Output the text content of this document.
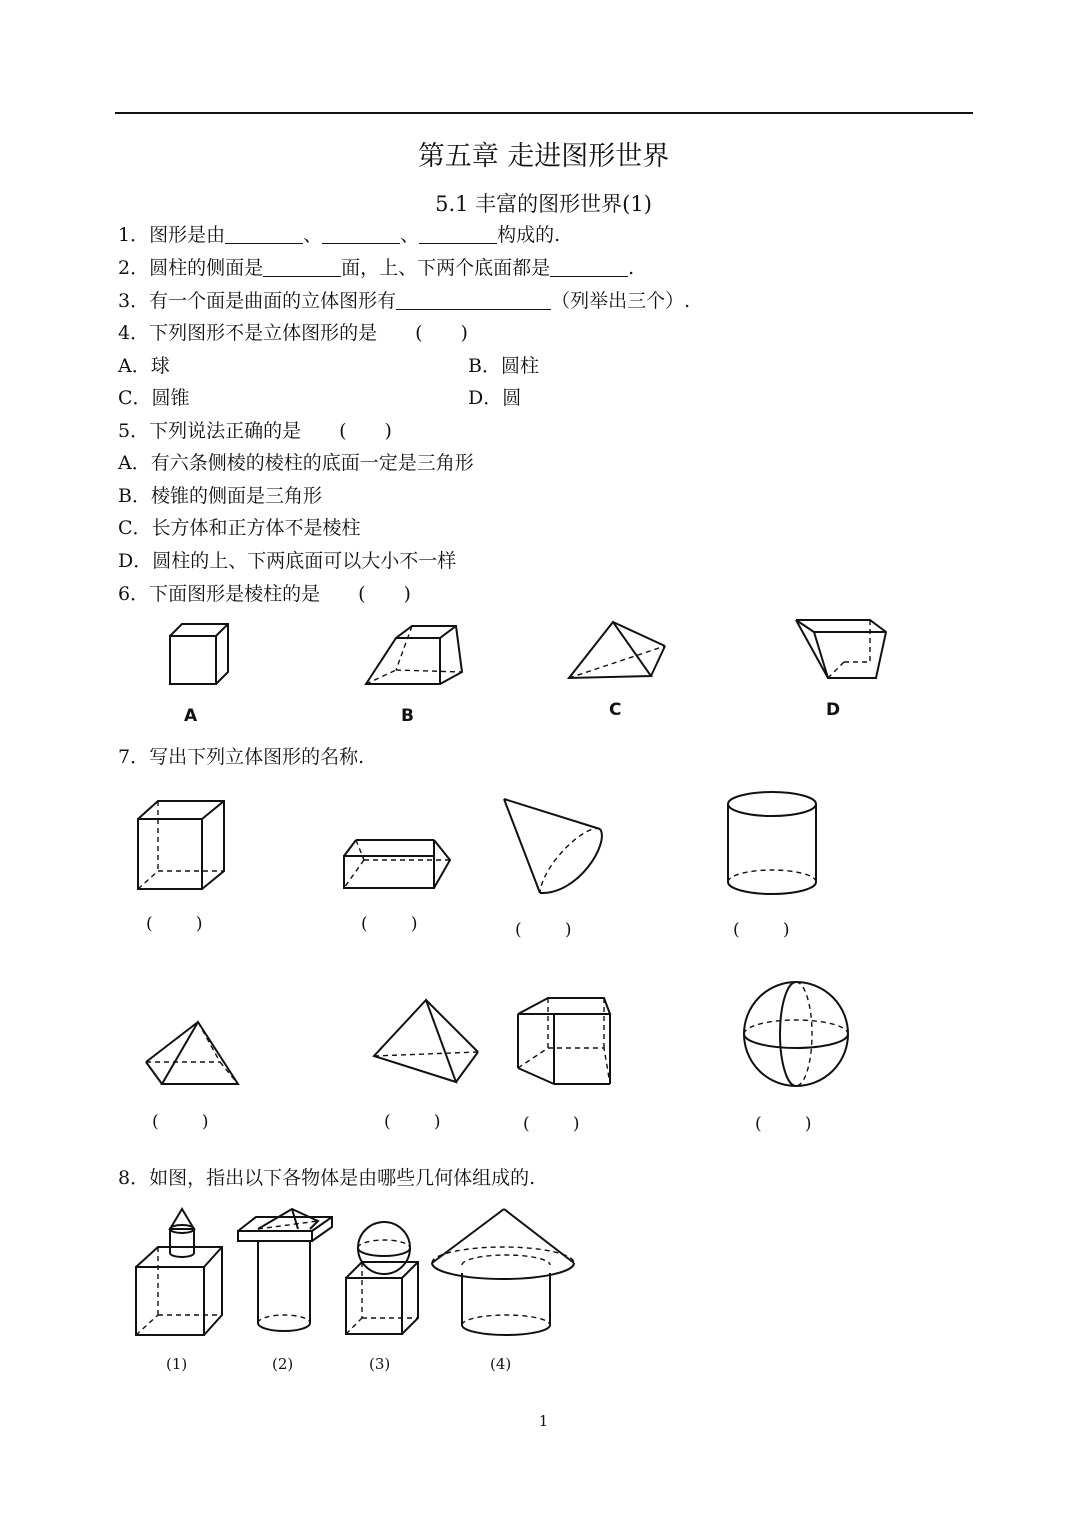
第五章 走进图形世界
5.1 丰富的图形世界(1)
1．图形是由	、	、	构成的.
2．圆柱的侧面是	面，上、下两个底面都是	.
3．有一个面是曲面的立体图形有	（列举出三个）.
4．下列图形不是立体图形的是　　(　　)
A．球	B．圆柱
C．圆锥	D．圆
5．下列说法正确的是　　(　　)
A．有六条侧棱的棱柱的底面一定是三角形
B．棱锥的侧面是三角形
C．长方体和正方体不是棱柱
D．圆柱的上、下两底面可以大小不一样
6．下面图形是棱柱的是　　(　　)
A	B	C	D
7．写出下列立体图形的名称.
(        )	(        )	(        )	(        )
(        )	(        )	(        )	(        )
8．如图，指出以下各物体是由哪些几何体组成的.
(1)	(2)	(3)	(4)
1
